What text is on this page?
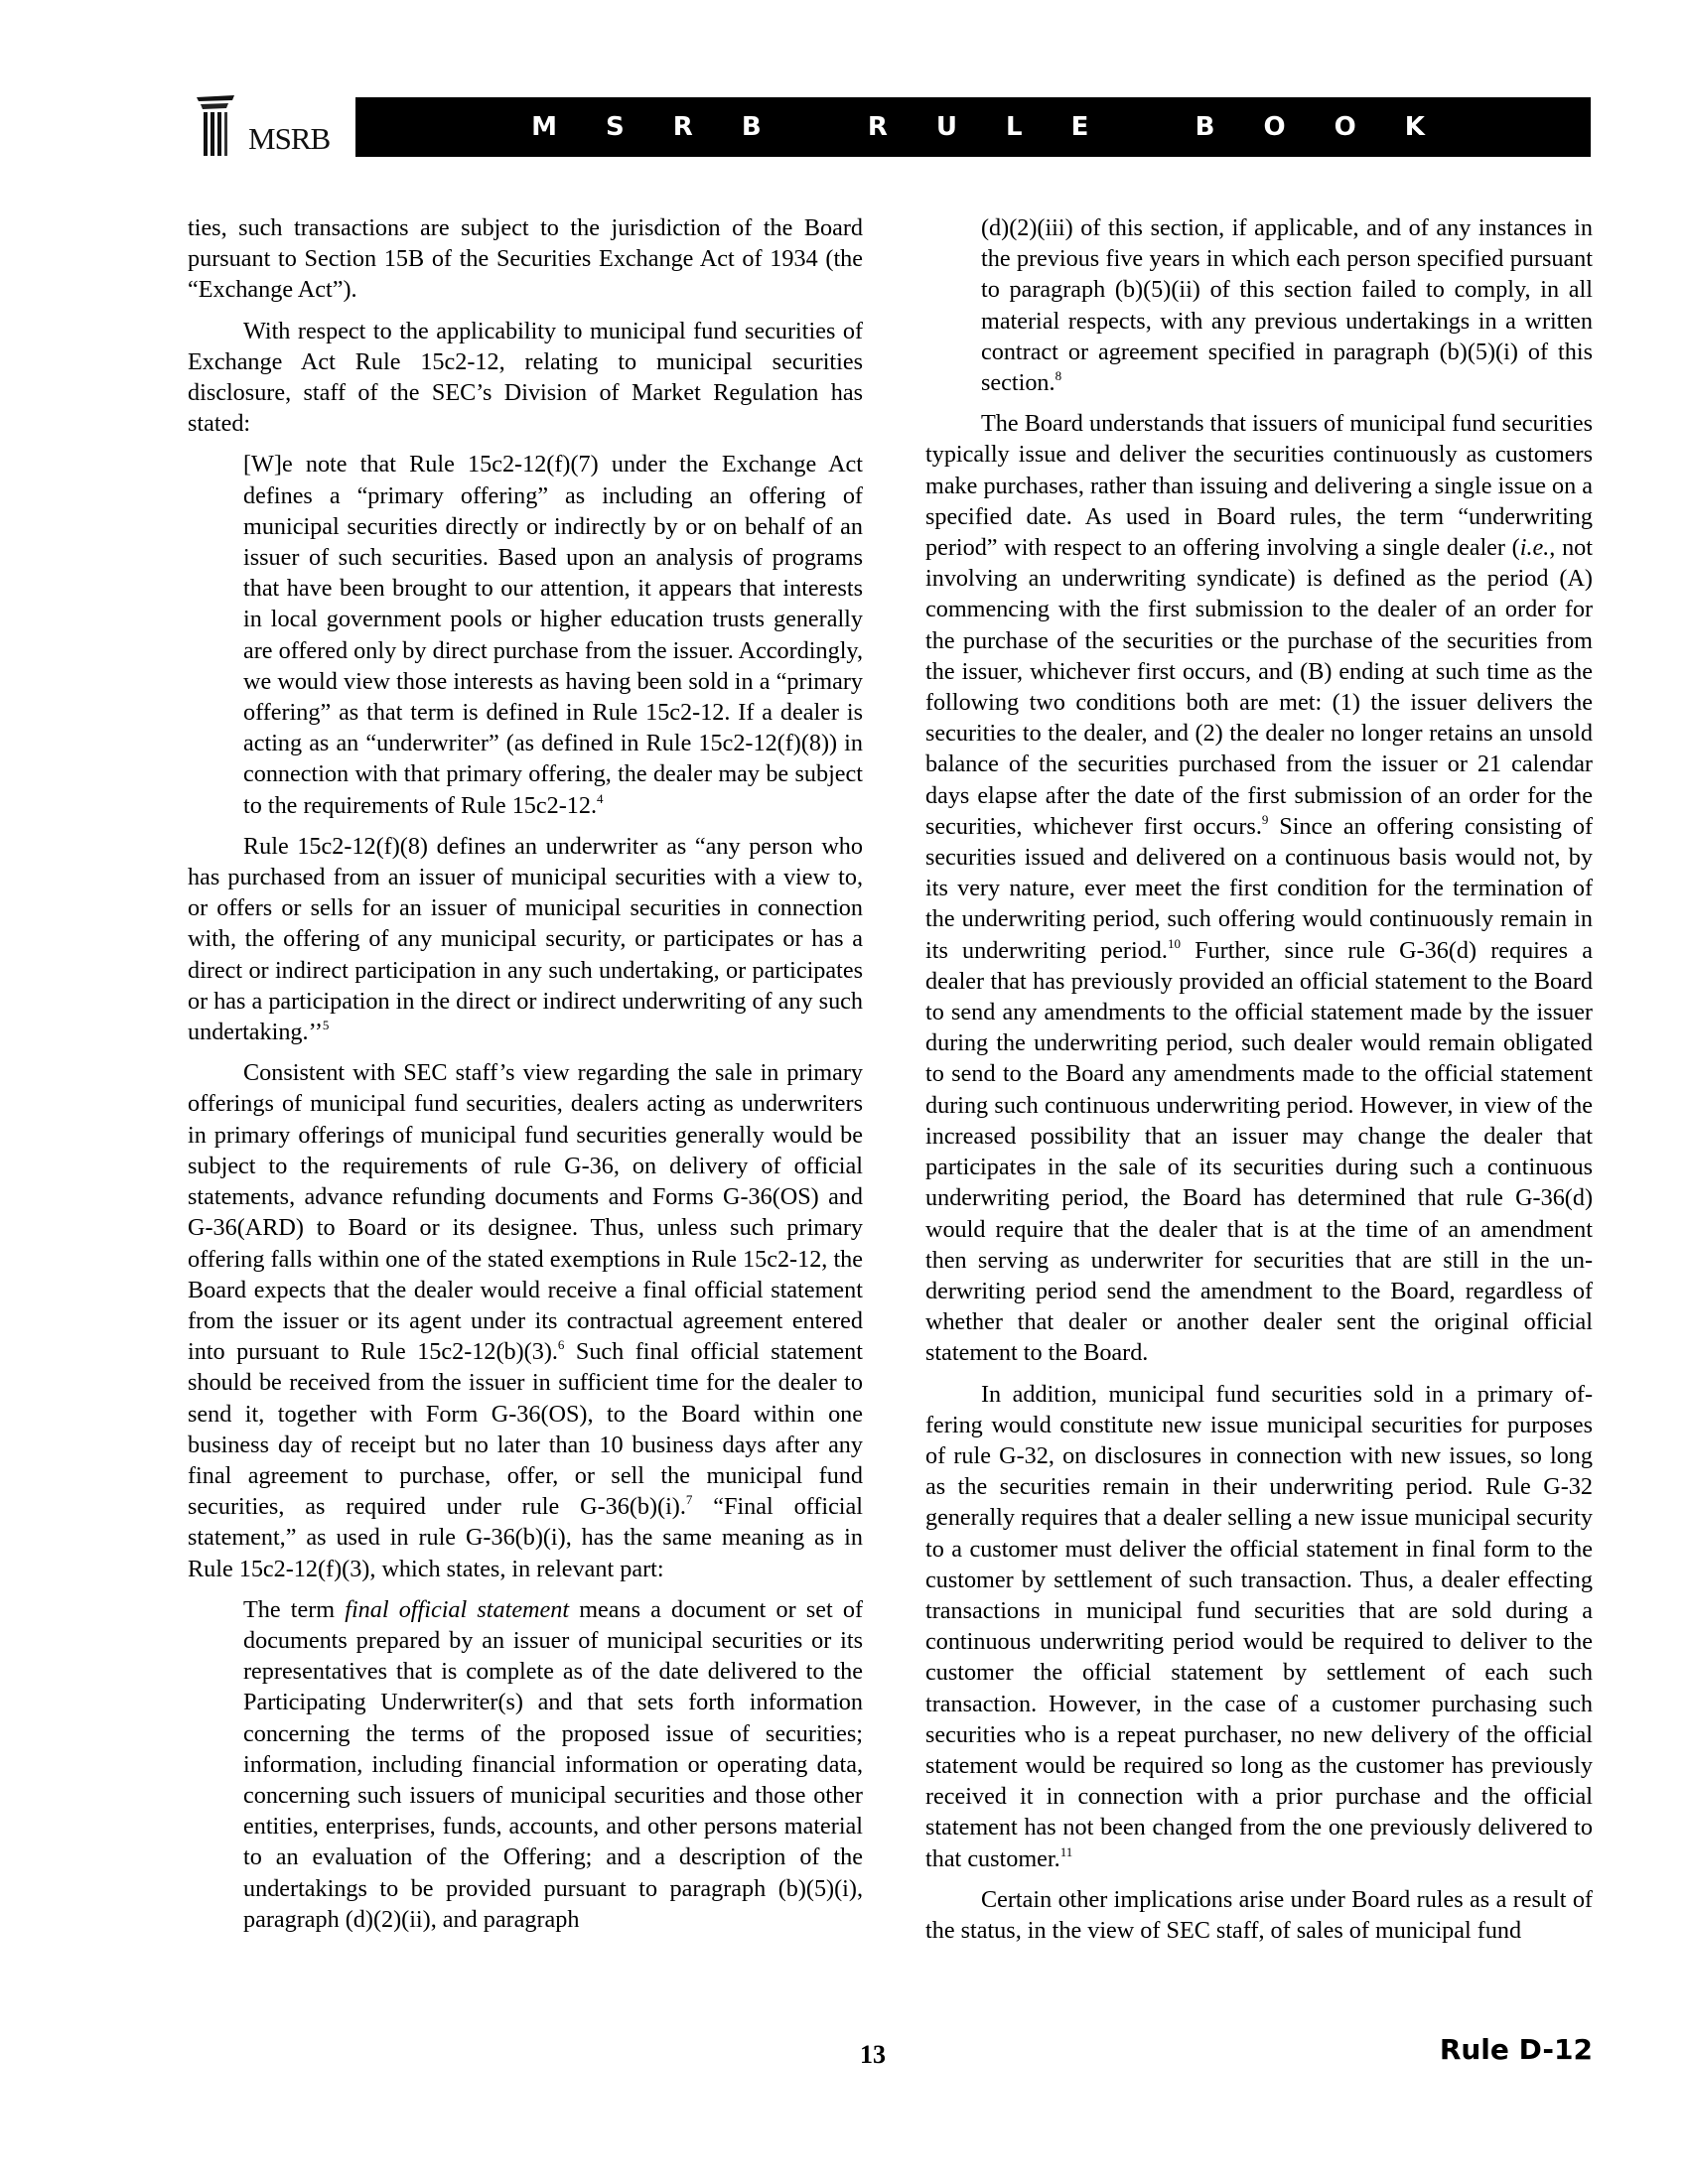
MSRB	M S R B   R U L E   B O O K

ties, such transactions are subject to the jurisdiction of the Board pursuant to Section 15B of the Securities Exchange Act of 1934 (the “Exchange Act”).

With respect to the applicability to municipal fund securities of Exchange Act Rule 15c2-12, relating to municipal securities disclosure, staff of the SEC’s Division of Market Regulation has stated:

[W]e note that Rule 15c2-12(f)(7) under the Exchange Act defines a “primary offering” as including an offering of municipal securities directly or indirectly by or on behalf of an issuer of such securities. Based upon an analysis of programs that have been brought to our attention, it appears that interests in local government pools or higher education trusts generally are offered only by direct purchase from the issuer. Accordingly, we would view those interests as having been sold in a “primary offering” as that term is defined in Rule 15c2-12. If a dealer is acting as an “underwriter” (as defined in Rule 15c2-12(f)(8)) in connection with that primary offering, the dealer may be subject to the requirements of Rule 15c2-12.$^4$

Rule 15c2-12(f)(8) defines an underwriter as “any person who has purchased from an issuer of municipal securities with a view to, or offers or sells for an issuer of municipal securities in connection with, the offering of any municipal security, or participates or has a direct or indirect participation in any such undertaking, or participates or has a participation in the direct or indirect underwriting of any such undertaking.’’$^5$

Consistent with SEC staff’s view regarding the sale in primary offerings of municipal fund securities, dealers acting as underwriters in primary offerings of municipal fund securities generally would be subject to the requirements of rule G-36, on delivery of official statements, advance refunding documents and Forms G-36(OS) and G-36(ARD) to Board or its designee. Thus, unless such primary offering falls within one of the stated exemptions in Rule 15c2-12, the Board expects that the dealer would receive a final official statement from the issuer or its agent under its contractual agreement entered into pursuant to Rule 15c2-12(b)(3).$^6$ Such final official statement should be received from the issuer in sufficient time for the dealer to send it, together with Form G-36(OS), to the Board within one business day of receipt but no later than 10 business days after any final agreement to purchase, offer, or sell the municipal fund securities, as required under rule G-36(b)(i).$^7$ “Final official statement,” as used in rule G-36(b)(i), has the same meaning as in Rule 15c2-12(f)(3), which states, in relevant part:

The term final official statement means a document or set of documents prepared by an issuer of municipal securities or its representatives that is complete as of the date delivered to the Participating Underwriter(s) and that sets forth information concerning the terms of the proposed issue of securities; information, including financial information or operating data, concerning such issuers of municipal securities and those other entities, enterprises, funds, accounts, and other persons material to an evaluation of the Offering; and a description of the undertakings to be provided pursuant to paragraph (b)(5)(i), paragraph (d)(2)(ii), and paragraph

(d)(2)(iii) of this section, if applicable, and of any instances in the previous five years in which each person specified pursuant to paragraph (b)(5)(ii) of this section failed to comply, in all material respects, with any previous undertakings in a written contract or agreement specified in paragraph (b)(5)(i) of this section.$^8$

The Board understands that issuers of municipal fund securities typically issue and deliver the securities continuously as customers make purchases, rather than issuing and delivering a single issue on a specified date. As used in Board rules, the term “underwriting period” with respect to an offering involving a single dealer (i.e., not involving an underwriting syndicate) is defined as the period (A) commencing with the first submission to the dealer of an order for the purchase of the securities or the purchase of the securities from the issuer, whichever first occurs, and (B) ending at such time as the following two conditions both are met: (1) the issuer delivers the securities to the dealer, and (2) the dealer no longer retains an unsold balance of the securities purchased from the issuer or 21 calendar days elapse after the date of the first submission of an order for the securities, whichever first occurs.$^9$ Since an offering consisting of securities issued and delivered on a continuous basis would not, by its very nature, ever meet the first condition for the termination of the underwriting period, such offering would continuously remain in its underwriting period.$^{10}$ Further, since rule G-36(d) requires a dealer that has previously provided an official statement to the Board to send any amendments to the official statement made by the issuer during the underwriting period, such dealer would remain obligated to send to the Board any amendments made to the official statement during such continuous underwriting period. However, in view of the increased possibility that an issuer may change the dealer that participates in the sale of its securities during such a continuous underwriting period, the Board has determined that rule G-36(d) would require that the dealer that is at the time of an amendment then serving as underwriter for securities that are still in the underwriting period send the amendment to the Board, regardless of whether that dealer or another dealer sent the original official statement to the Board.

In addition, municipal fund securities sold in a primary offering would constitute new issue municipal securities for purposes of rule G-32, on disclosures in connection with new issues, so long as the securities remain in their underwriting period. Rule G-32 generally requires that a dealer selling a new issue municipal security to a customer must deliver the official statement in final form to the customer by settlement of such transaction. Thus, a dealer effecting transactions in municipal fund securities that are sold during a continuous underwriting period would be required to deliver to the customer the official statement by settlement of each such transaction. However, in the case of a customer purchasing such securities who is a repeat purchaser, no new delivery of the official statement would be required so long as the customer has previously received it in connection with a prior purchase and the official statement has not been changed from the one previously delivered to that customer.$^{11}$

Certain other implications arise under Board rules as a result of the status, in the view of SEC staff, of sales of municipal fund

13	Rule D-12
